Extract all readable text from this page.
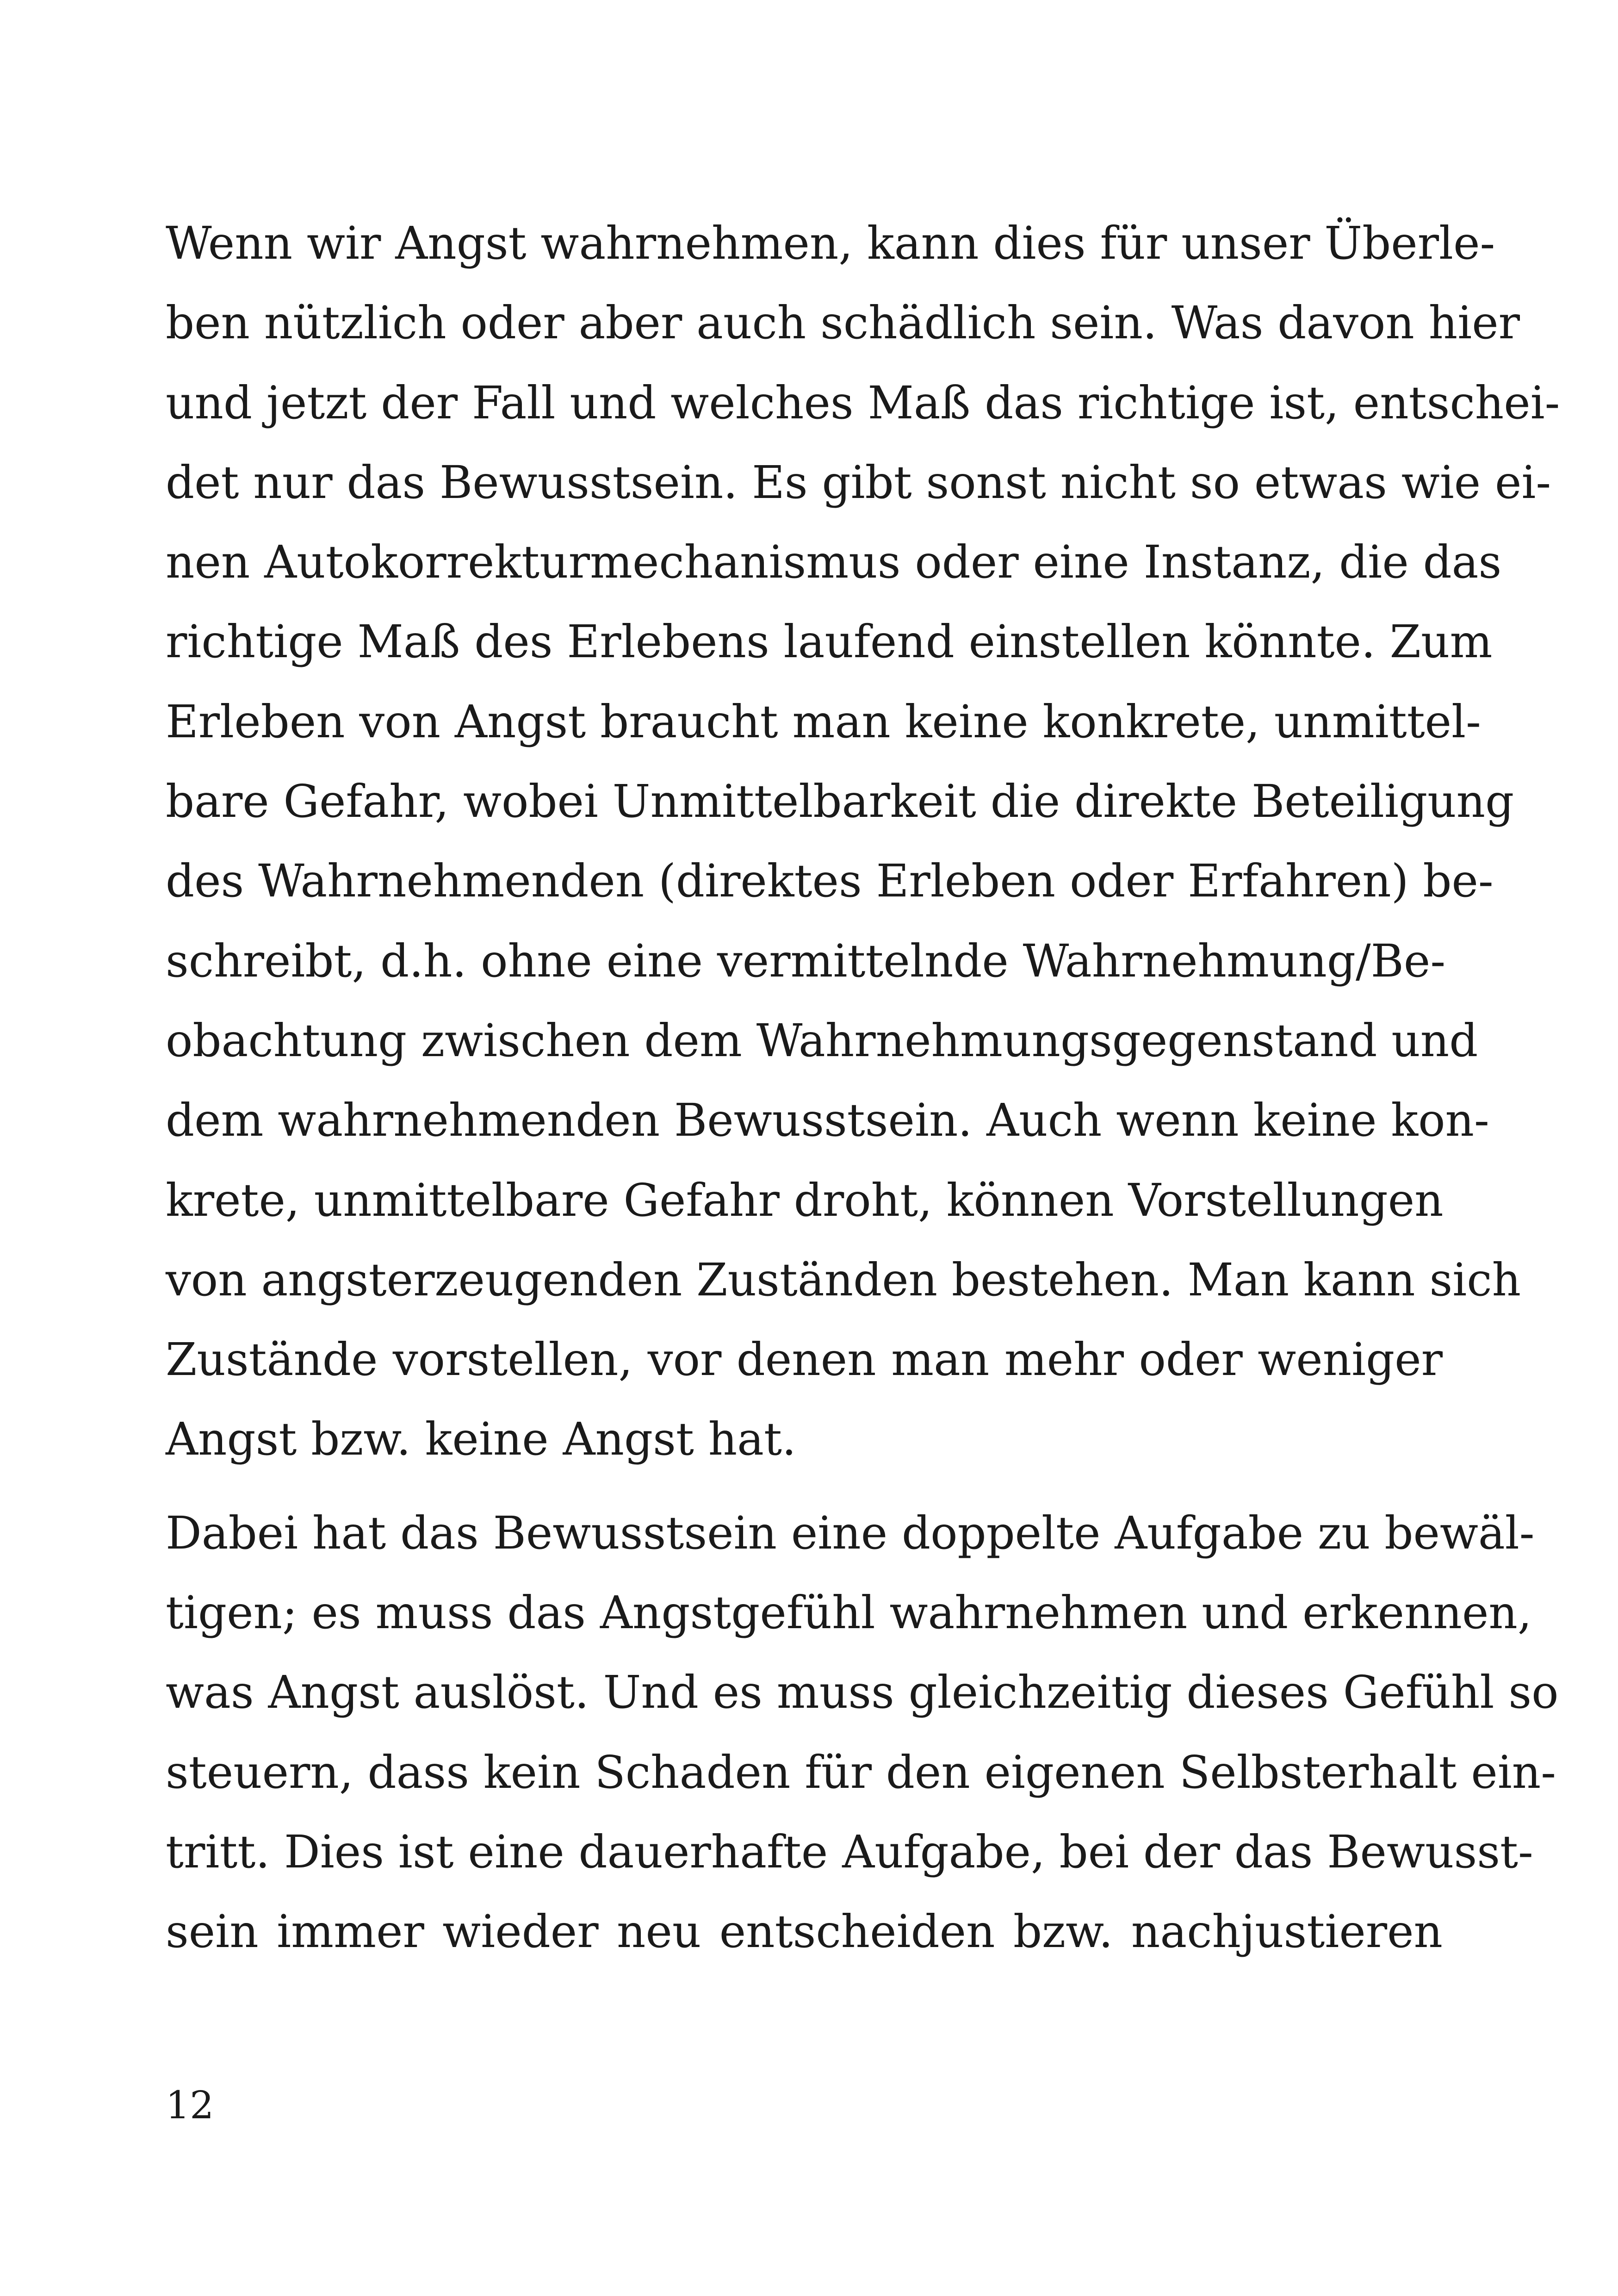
Wenn wir Angst wahrnehmen, kann dies für unser Überle-
ben nützlich oder aber auch schädlich sein. Was davon hier
und jetzt der Fall und welches Maß das richtige ist, entschei-
det nur das Bewusstsein. Es gibt sonst nicht so etwas wie ei-
nen Autokorrekturmechanismus oder eine Instanz, die das
richtige Maß des Erlebens laufend einstellen könnte. Zum
Erleben von Angst braucht man keine konkrete, unmittel-
bare Gefahr, wobei Unmittelbarkeit die direkte Beteiligung
des Wahrnehmenden (direktes Erleben oder Erfahren) be-
schreibt, d.h. ohne eine vermittelnde Wahrnehmung/Be-
obachtung zwischen dem Wahrnehmungsgegenstand und
dem wahrnehmenden Bewusstsein. Auch wenn keine kon-
krete, unmittelbare Gefahr droht, können Vorstellungen
von angsterzeugenden Zuständen bestehen. Man kann sich
Zustände vorstellen, vor denen man mehr oder weniger
Angst bzw. keine Angst hat.
Dabei hat das Bewusstsein eine doppelte Aufgabe zu bewäl-
tigen; es muss das Angstgefühl wahrnehmen und erkennen,
was Angst auslöst. Und es muss gleichzeitig dieses Gefühl so
steuern, dass kein Schaden für den eigenen Selbsterhalt ein-
tritt. Dies ist eine dauerhafte Aufgabe, bei der das Bewusst-
sein immer wieder neu entscheiden bzw. nachjustieren
12
